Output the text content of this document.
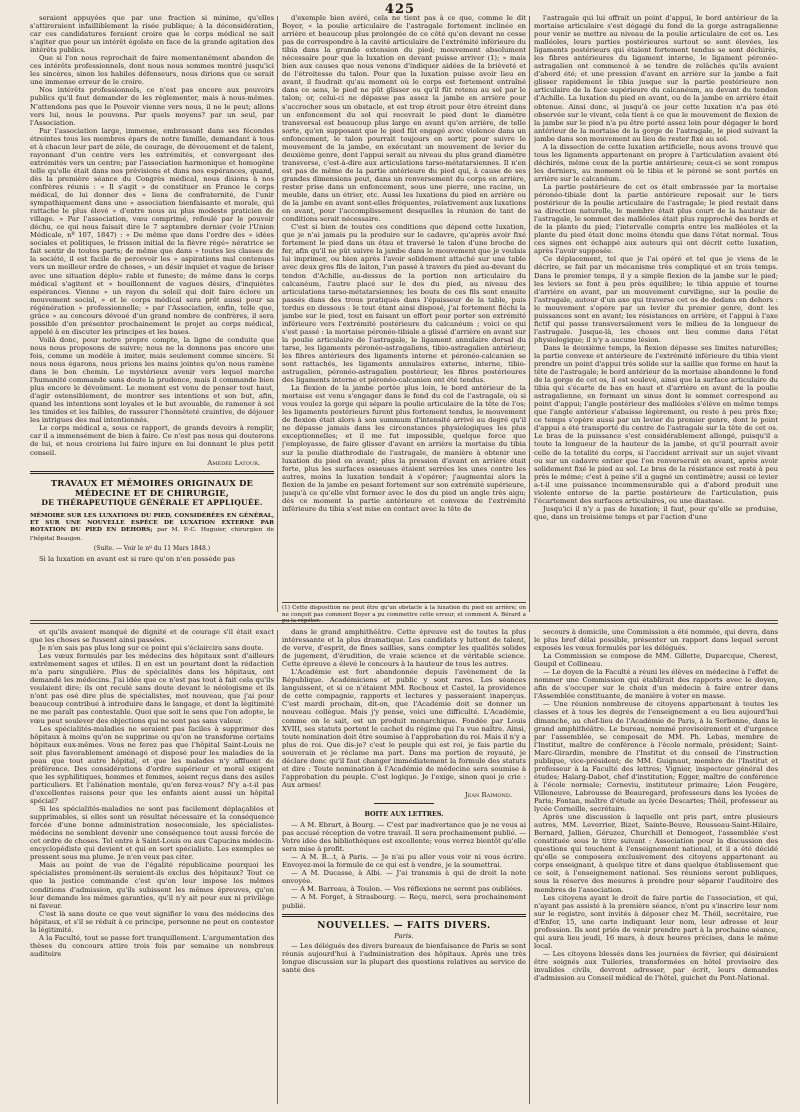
425

seraient appuyées que par une fraction si minime, qu'elles s'attireraient infailliblement la risée publique; à la déconsidération, car ces candidatures feraient croire que le corps médical ne sait s'agiter que pour un intérêt égoïste en face de la grande agitation des intérêts publics.

Que si l'on nous reprochait de faire momentanément abandon de ces intérêts professionnels, dont nous nous sommes montré jusqu'ici les sincères, sinon les habiles défenseurs, nous dirions que ce serait une immense erreur de le croire.

Nos intérêts professionnels, ce n'est pas encore aux pouvoirs publics qu'il faut demander de les réglementer, mais à nous-mêmes. N'attendons pas que le Pouvoir vienne vers nous, il ne le peut; allons vers lui, nous le pouvons. Par quels moyens? par un seul, par l'Association.

Par l'association large, immense, embrassant dans ses fécondes étreintes tous les membres épars de notre famille, demandant à tous et à chacun leur part de zèle, de courage, de dévouement et de talent, rayonnant d'un centre vers les extrémités, et convergeant des extrémités vers un centre; par l'association harmonique et homogène telle qu'elle était dans nos prévisions et dans nos espérances, quand, dès la première séance du Congrès médical, nous disions à nos confrères réunis : « Il s'agit » de constituer en France le corps médical, de lui donner des » liens de confraternité, de l'unir sympathiquement dans une » association bienfaisante et morale, qui rattache le plus élevé » d'entre nous au plus modeste praticien de village. » Par l'association, vœu comprimé, refoulé par le pouvoir déchu, ce qui nous faisait dire le 7 septembre dernier (voir l'Union Médicale, nº 107, 1847) : « De même que dans l'ordre des » idées sociales et politiques, le frisson initial de la fièvre régé» nératrice se fait sentir de toutes parts; de même que dans » toutes les classes de la société, il est facile de percevoir les » aspirations mal contenues vers un meilleur ordre de choses, » un désir inquiet et vague de briser avec une situation déplo» rable et funeste; de même dans le corps médical s'agitent et » bouillonnent de vagues désirs, d'inquiètes espérances. Vienne » un rayon du soleil qui doit faire éclore un mouvement social, » et le corps médical sera prêt aussi pour sa régénération » professionnelle; » par l'Association, enfin, telle que, grâce » au concours dévoué d'un grand nombre de confrères, il sera possible d'en présenter prochainement le projet au corps médical, appelé à en discuter les principes et les bases.

Voilà donc, pour notre propre compte, la ligne de conduite que nous nous proposons de suivre; nous ne la donnons pas encore une fois, comme un modèle à imiter, mais seulement comme sincère. Si nous nous égarons, nous prions les mains jointes qu'on nous ramène dans le bon chemin. Le mystérieux avenir vers lequel marche l'humanité commande sans doute la prudence, mais il commande bien plus encore le dévoûment. Le moment est venu de penser tout haut, d'agir ostensiblement, de montrer ses intentions et son but, afin, quand les intentions sont loyales et le but avouable, de ramener à soi les timides et les faibles, de rassurer l'honnêteté craintive, de déjouer les intrigues des mal intentionnés.

Le corps médical a, sous ce rapport, de grands devoirs à remplir, car il a immensément de bien à faire. Ce n'est pas nous qui douterons de lui, et nous croirions lui faire injure en lui donnant le plus petit conseil.

Amédée Latour.
TRAVAUX ET MÉMOIRES ORIGINAUX DE MÉDECINE ET DE CHIRURGIE,
DE THÉRAPEUTIQUE GÉNÉRALE ET APPLIQUÉE.
MÉMOIRE SUR LES LUXATIONS DU PIED, CONSIDÉRÉES EN GÉNÉRAL, ET SUR UNE NOUVELLE ESPÈCE DE LUXATION EXTERNE PAR ROTATION DU PIED EN DEHORS; par M. P.-C. Huguier, chirurgien de l'hôpital Beaujon.
(Suite. — Voir le nº du 11 Mars 1848.)

Si la luxation en avant est si rare qu'on n'en possède pas

d'exemple bien avéré, cela ne tient pas à ce que, comme le dit Boyer, « la poulie articulaire de l'astragale fortement inclinée en arrière et beaucoup plus prolongée de ce côté qu'en devant ne cesse pas de correspondre à la cavité articulaire de l'extrémité inférieure du tibia dans la grande extension du pied; mouvement absolument nécessaire pour que la luxation en devant puisse arriver (1); » mais bien aux causes que nous venons d'indiquer aidées de la brièveté et de l'étroitesse du talon. Pour que la luxation puisse avoir lieu en avant, il faudrait qu'au moment où le corps est fortement entraîné dans ce sens, le pied ne pût glisser ou qu'il fût retenu au sol par le talon; or, celui-ci ne dépasse pas assez la jambe en arrière pour s'accrocher sous un obstacle, et est trop étroit pour être étreint dans un enfoncement du sol qui recevrait le pied dont le diamètre transversal est beaucoup plus large en avant qu'en arrière, de telle sorte, qu'en supposant que le pied fût engagé avec violence dans un enfoncement, le talon pourrait toujours en sortir, pour suivre le mouvement de la jambe, en exécutant un mouvement de levier du deuxième genre, dont l'appui serait au niveau du plus grand diamètre transverse, c'est-à-dire aux articulations tarso-métatarsiennes. Il n'en est pas de même de la partie antérieure du pied qui, à cause de ses grandes dimensions peut, dans un renversement du corps en arrière, rester prise dans un enfoncement, sous une pierre, une racine, un meuble, dans un étrier, etc. Aussi les luxations du pied en arrière ou de la jambe en avant sont-elles fréquentes, relativement aux luxations en avant, pour l'accomplissement desquelles la réunion de tant de conditions serait nécessaire.

C'est si bien de toutes ces conditions que dépend cette luxation, que je n'ai jamais pu la produire sur le cadavre, qu'après avoir fixé fortement le pied dans un étau et traversé le talon d'une broche de fer, afin qu'il ne pût suivre la jambe dans le mouvement que je voulais lui imprimer, ou bien après l'avoir solidement attaché sur une table avec deux gros fils de laiton, l'un passé à travers du pied au-devant du tendon d'Achille, au-dessus de la portion non articulaire du calcanéum, l'autre placé sur le dos du pied, au niveau des articulations tarso-métatarsiennes; les bouts de ces fils sont ensuite passés dans des trous pratiqués dans l'épaisseur de la table, puis tordus en dessous : le tout étant ainsi disposé, j'ai fortement fléchi la jambe sur le pied, tout en faisant un effort pour porter son extrémité inférieure vers l'extrémité postérieure du calcanéum ; voici ce qui s'est passé : la mortaise péronéo-tibiale a glissé d'arrière en avant sur la poulie articulaire de l'astragale, le ligament annulaire dorsal du tarse, les ligaments péronéo-astragaliens, tibio-astragalien antérieur, les fibres antérieurs des ligaments interne et péronéo-calcanien se sont rattachés, les ligaments annulaires externe, interne, tibio-astragalien, péronéo-astragalien postérieur, les fibres postérieures des ligaments interne et péronéo-calcanien ont été tendus.

La flexion de la jambe portée plus loin, le bord antérieur de la mortaise est venu s'engager dans le fond du col de l'astragale, où si vous voulez la gorge qui sépare la poulie articulaire de la tête de l'os; les ligaments postérieurs furent plus fortement tendus, le mouvement de flexion était alors à son summum d'intensité arrivé au degré qu'il ne dépasse jamais dans les circonstances physiologiques les plus exceptionnelles; et il me fut impossible, quelque force que j'employasse, de faire glisser d'avant en arrière la mortaise du tibia sur la poulie diathrodiale de l'astragale, de manière à obtenir une luxation du pied en avant; plus la pression d'avant en arrière était forte, plus les surfaces osseuses étaient serrées les unes contre les autres, moins la luxation tendait à s'opérer; j'augmentai alors la flexion de la jambe en pesant fortement sur son extrémité supérieure, jusqu'à ce qu'elle vînt former avec le dos du pied un angle très aigu; dès ce moment la partie antérieure et convexe de l'extrémité inférieure du tibia s'est mise en contact avec la tête de

(1) Cette disposition ne peut être qu'un obstacle à la luxation du pied en arrière; on ne conçoit pas comment Boyer a pu commettre cette erreur, et comment A. Bérard a pu la répéter.

l'astragale qui lui offrait un point d'appui, le bord antérieur de la mortaise articulaire s'est dégagé du fond de la gorge astragalienne pour venir se mettre au niveau de la poulie articulaire de cet os. Les malléoles, leurs parties postérieures surtout se sont élevées, les ligaments postérieurs qui étaient fortement tendus se sont déchirés, les fibres antérieures du ligament interne, le ligament péronéo-astragalien ont commencé à se tendre de relâchés qu'ils avaient d'abord été; et une pression d'avant en arrière sur la jambe a fait glisser rapidement le tibia jusque sur la partie postérieure non articulaire de la face supérieure du calcanéum, au devant du tendon d'Achille. La luxation du pied en avant, ou de la jambe en arrière était obtenue. Ainsi donc, si jusqu'à ce jour cette luxation n'a pas été observée sur le vivant, cela tient à ce que le mouvement de flexion de la jambe sur le pied n'a pu être porté assez loin pour dégager le bord antérieur de la mortaise de la gorge de l'astragale, le pied suivant la jambe dans son mouvement au lieu de rester fixé au sol.

A la dissection de cette luxation artificielle, nous avons trouvé que tous les ligaments appartenant en propre à l'articulation avaient été déchirés, même ceux de la partie antérieure; ceux-ci se sont rompus les derniers, au moment où le tibia et le péroné se sont portés en arrière sur le calcanéum.

La partie postérieure de cet os était embrassée par la mortaise péronéo-tibiale dont la partie antérieure reposait sur le tiers postérieur de la poulie articulaire de l'astragale; le pied restait dans sa direction naturelle, le membre était plus court de la hauteur de l'astragale, le sommet des malléoles était plus rapproché des bords et de la plante du pied; l'intervalle compris entre les malléoles et la plante du pied était donc moins étendu que dans l'état normal. Tous ces signes ont échappé aux auteurs qui ont décrit cette luxation, après l'avoir supposée.

Ce déplacement, tel que je l'ai opéré et tel que je viens de le décrire, se fait par un mécanisme très compliqué et en trois temps. Dans le premier temps, il y a simple flexion de la jambe sur le pied; les leviers se font à peu près équilibre; le tibia appuie et tourne d'arrière en avant, par un mouvement curviligne, sur la poulie de l'astragale, autour d'un axe qui traverse cet os de dedans en dehors : le mouvement s'opère par un levier du premier genre, dont les puissances sont en avant; les résistances en arrière, et l'appui à l'axe fictif qui passe transversalement vers le milieu de la longueur de l'astragale. Jusque-là, les choses ont lieu comme dans l'état physiologique; il n'y a aucune lésion.

Dans le deuxième temps, la flexion dépasse ses limites naturelles; la partie convexe et antérieure de l'extrémité inférieure du tibia vient prendre un point d'appui très solide sur la saillie que forme en haut la tête de l'astragale; le bord antérieur de la mortaise abandonne le fond de la gorge de cet os, il est soulevé, ainsi que la surface articulaire du tibia qui s'écarte de bas en haut et d'arrière en avant de la poulie astragalienne, en formant un sinus dont le sommet correspond au point d'appui; l'angle postérieur des malléoles s'élève en même temps que l'angle antérieur s'abaisse légèrement, ou reste à peu près fixe; ce temps s'opère aussi par un levier du premier genre, dont le point d'appui a été transporté du centre de l'astragale sur la tête de cet os. Le bras de la puissance s'est considérablement allongé, puisqu'il a toute la longueur de la hauteur de la jambe, et qu'il pourrait avoir celle de la totalité du corps, si l'accident arrivait sur un sujet vivant ou sur un cadavre entier que l'on renverserait en avant, après avoir solidement fixé le pied au sol. Le bras de la résistance est resté à peu près le même; c'est à peine s'il a gagné un centimètre; aussi ce levier a-t-il une puissance incommensurable qui a d'abord produit une violente entorse de la partie postérieure de l'articulation, puis l'écartement des surfaces articulaires, ou une diastase.

Jusqu'ici il n'y a pas de luxation; il faut, pour qu'elle se produise, que, dans un troisième temps et par l'action d'une

et qu'ils avaient manqué de dignité et de courage s'il était exact que les choses se fussent ainsi passées.

Je n'en sais pas plus long sur ce point qui s'éclaircira sans doute.

Les vœux formulés par les médecins des hôpitaux sont d'ailleurs extrêmement sages et utiles. Il en est un pourtant dont la rédaction m'a paru singulière. Plus de spécialités dans les hôpitaux, ont demandé les médecins. J'ai idée que ce n'est pas tout à fait cela qu'ils voulaient dire; ils ont reculé sans doute devant le néologisme et ils n'ont pas osé dire plus de spécialistes, mot nouveau, que j'ai pour beaucoup contribué à introduire dans le langage, et dont la légitimité ne me paraît pas contestable. Quoi que soit le sens que l'on adopte, le vœu peut soulever des objections qui ne sont pas sans valeur.

Les spécialités-maladies ne seraient pas faciles à supprimer des hôpitaux à moins qu'on ne supprime ou qu'on ne transforme certains hôpitaux eux-mêmes. Vous ne ferez pas que l'hôpital Saint-Louis ne soit plus favorablement aménagé et disposé pour les maladies de la peau que tout autre hôpital, et que les malades n'y affluent de préférence. Des considérations d'ordre supérieur et moral exigent que les syphilitiques, hommes et femmes, soient reçus dans des asiles particuliers. Et l'aliénation mentale, qu'en ferez-vous? N'y a-t-il pas d'excellentes raisons pour que les enfants aient aussi un hôpital spécial?

Si les spécialités-maladies ne sont pas facilement déplaçables et supprimables, si elles sont un résultat nécessaire et la conséquence forcée d'une bonne administration nosocomiale, les spécialistes-médecins ne semblent devenir une conséquence tout aussi forcée de cet ordre de choses. Tel entre à Saint-Louis ou aux Capucins médecin-encyclopédiste qui devient et qui en sort spécialiste. Les exemples se pressent sous ma plume. Je n'en veux pas citer.

Mais au point de vue de l'égalité républicaine pourquoi les spécialistes promènent-ils seraient-ils exclus des hôpitaux? Tout ce que la justice commande c'est qu'on leur impose les mêmes conditions d'admission, qu'ils subissent les mêmes épreuves, qu'on leur demande les mêmes garanties, qu'il n'y ait pour eux ni privilège ni faveur.

C'est là sans doute ce que veut signifier le vœu des médecins des hôpitaux, et s'il se réduit à ce principe, personne ne peut en contester la légitimité.

A la Faculté, tout se passe fort tranquillement. L'argumentation des thèses du concours attire trois fois par semaine un nombreux auditoire

dans le grand amphithéâtre. Cette épreuve est de toutes la plus intéressante et la plus dramatique. Les candidats y luttent de talent, de verve, d'esprit, de fines saillies, sans compter les qualités solides de jugement, d'érudition, de vraie science et de véritable science. Cette épreuve a élevé le concours à la hauteur de tous les autres.

L'Académie est fort abandonnée depuis l'avènement de la République. Académiciens et public y sont rares. Les séances languissent, et si ce n'étaient MM. Rochoux et Castel, la providence de cette compagnie, rapports et lectures y passeraient inaperçus. C'est mardi prochain, dit-on, que l'Académie doit se donner un nouveau collègue. Mais j'y pense, voici une difficulté. L'Académie, comme on le sait, est un produit monarchique. Fondée par Louis XVIII, ses statuts portent le cachet du régime qui l'a vue naître. Ainsi, toute nomination doit être soumise à l'approbation du roi. Mais il n'y a plus de roi. Que dis-je? c'est le peuple qui est roi, je fais partie du souverain et je réclame ma part. Dans ma portion de royauté, je déclare donc qu'il faut changer immédiatement la formule des statuts et dire : Toute nomination à l'Académie de médecine sera soumise à l'approbation du peuple. C'est logique. Je l'exige, sinon quoi je crie : Aux armes!

Jean Raimond.
BOITE AUX LETTRES.

— A M. Ebrart, à Bourg. — C'est par inadvertance que je ne vous ai pas accusé réception de votre travail. Il sera prochainement publié. — Votre idée des bibliothèques est excellente; vous verrez bientôt qu'elle sera mise à profit.

— A M. B...t, à Paris. — Je n'ai pu aller vous voir ni vous écrire. Envoyez-moi la formule de ce qui est à vendre, je la soumettrai.

— A M. Ducasse, à Albi. — J'ai transmis à qui de droit la note envoyée.

— A M. Barreau, à Toulon. — Vos réflexions ne seront pas oubliées.

— A M. Forget, à Strasbourg. — Reçu, merci, sera prochainement publié.

NOUVELLES. — FAITS DIVERS.
Paris.

— Les délégués des divers bureaux de bienfaisance de Paris se sont réunis aujourd'hui à l'administration des hôpitaux. Après une très longue discussion sur la plupart des questions relatives au service de santé des

secours à domicile, une Commission a été nommée, qui devra, dans le plus bref délai possible, présenter un rapport dans lequel seront exposés les vœux formulés par les délégués.

La Commission se compose de MM. Gillette, Duparcque, Cherest, Goupil et Collineau.

— Le doyen de la Faculté a réuni les élèves en médecine à l'effet de nommer une Commission qui établirait des rapports avec le doyen, afin de s'occuper sur le choix d'un médecin à faire entrer dans l'Assemblée constituante, de manière à voter en masse.

— Une réunion nombreuse de citoyens appartenant à toutes les classes et à tous les degrés de l'enseignement a eu lieu aujourd'hui dimanche, au chef-lieu de l'Académie de Paris, à la Sorbonne, dans le grand amphithéâtre. Le bureau, nommé provisoirement et d'urgence par l'assemblée, se composait de MM. Ph. Lebas, membre de l'Institut, maître de conférence à l'école normale, président; Saint-Marc-Girardin, membre de l'Institut et du conseil de l'instruction publique, vice-président; de MM. Guignaut, membre de l'Institut et professeur à la Faculté des lettres; Vignier, inspecteur général des études; Haïarg-Dabot, chef d'institution; Egger, maître de conférence à l'école normale; Corneviu, instituteur primaire; Léon Feugère, Villeneuve, Labrousse de Beauregard, professeurs dans les lycées de Paris; Fontan, maître d'étude au lycée Descartes; Théil, professeur au lycée Corneille, secrétaire.

Après une discussion à laquelle ont pris part, entre plusieurs autres, MM. Leverrier, Bizet, Sainte-Beuve, Rousseau-Saint-Hilaire, Bernard, Jallien, Géruzez, Churchill et Demogeot, l'assemblée s'est constituée sous le titre suivant : Association pour la discussion des questions qui touchent à l'enseignement national, et il a été décidé qu'elle se composera exclusivement des citoyens appartenant au corps enseignant, à quelque titre et dans quelque établissement que ce soit, à l'enseignement national. Ses réunions seront publiques, sous la réserve des mesures à prendre pour séparer l'auditoire des membres de l'association.

Les citoyens ayant le droit de faire partie de l'association, et qui, n'ayant pas assisté à la première séance, n'ont pu s'inscrire leur nom sur le registre, sont invités à déposer chez M. Théil, secrétaire, rue d'Enfer, 15, une carte indiquant leur nom, leur adresse et leur profession. Ils sont priés de venir prendre part à la prochaine séance, qui aura lieu jeudi, 16 mars, à deux heures précises, dans le même local.

— Les citoyens blessés dans les journées de février, qui désiraient être soignés aux Tuileries, transformées en hôtel provisoire des invalides civils, devront adresser, par écrit, leurs demandes d'admission au Conseil médical de l'hôtel, guichet du Pont-National.
